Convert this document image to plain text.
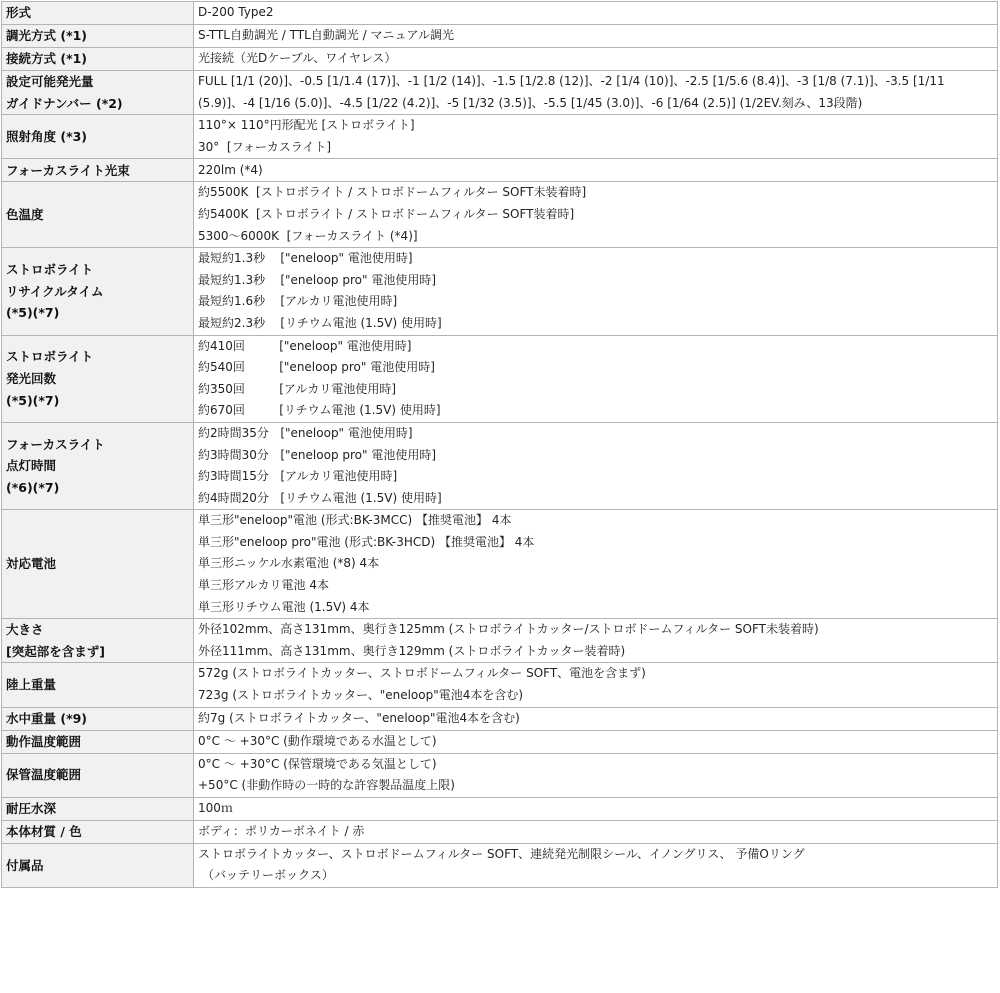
形式	D-200 Type2

調光方式 (*1)	S-TTL自動調光 / TTL自動調光 / マニュアル調光

接続方式 (*1)	光接続（光Dケーブル、ワイヤレス）

設定可能発光量
ガイドナンバー (*2)	FULL [1/1 (20)]、-0.5 [1/1.4 (17)]、-1 [1/2 (14)]、-1.5 [1/2.8 (12)]、-2 [1/4 (10)]、-2.5 [1/5.6 (8.4)]、-3 [1/8 (7.1)]、-3.5 [1/11 (5.9)]、-4 [1/16 (5.0)]、-4.5 [1/22 (4.2)]、-5 [1/32 (3.5)]、-5.5 [1/45 (3.0)]、-6 [1/64 (2.5)] (1/2EV.刻み、13段階)

照射角度 (*3)	110°× 110°円形配光 [ストロボライト]
30°  [フォーカスライト]

フォーカスライト光束	220lm (*4)

色温度	約5500K  [ストロボライト / ストロボドームフィルター SOFT未装着時]
約5400K  [ストロボライト / ストロボドームフィルター SOFT装着時]
5300～6000K  [フォーカスライト (*4)]

ストロボライト
リサイクルタイム
(*5)(*7)	最短約1.3秒    ["eneloop" 電池使用時]
最短約1.3秒    ["eneloop pro" 電池使用時]
最短約1.6秒    [アルカリ電池使用時]
最短約2.3秒    [リチウム電池 (1.5V) 使用時]

ストロボライト
発光回数
(*5)(*7)	約410回         ["eneloop" 電池使用時]
約540回         ["eneloop pro" 電池使用時]
約350回         [アルカリ電池使用時]
約670回         [リチウム電池 (1.5V) 使用時]

フォーカスライト
点灯時間
(*6)(*7)	約2時間35分   ["eneloop" 電池使用時]
約3時間30分   ["eneloop pro" 電池使用時]
約3時間15分   [アルカリ電池使用時]
約4時間20分   [リチウム電池 (1.5V) 使用時]

対応電池	単三形"eneloop"電池 (形式:BK-3MCC) 【推奨電池】 4本
単三形"eneloop pro"電池 (形式:BK-3HCD) 【推奨電池】 4本
単三形ニッケル水素電池 (*8) 4本
単三形アルカリ電池 4本
単三形リチウム電池 (1.5V) 4本

大きさ
[突起部を含まず]	外径102mm、高さ131mm、奥行き125mm (ストロボライトカッター/ストロボドームフィルター SOFT未装着時)
外径111mm、高さ131mm、奥行き129mm (ストロボライトカッター装着時)

陸上重量	572g (ストロボライトカッター、ストロボドームフィルター SOFT、電池を含まず)
723g (ストロボライトカッター、"eneloop"電池4本を含む)

水中重量 (*9)	約7g (ストロボライトカッター、"eneloop"電池4本を含む)

動作温度範囲	0°C ～ +30°C (動作環境である水温として)

保管温度範囲	0°C ～ +30°C (保管環境である気温として)
+50°C (非動作時の一時的な許容製品温度上限)

耐圧水深	100ｍ

本体材質 / 色	ボディ：ポリカーボネイト / 赤

付属品	ストロボライトカッター、ストロボドームフィルター SOFT、連続発光制限シール、イノングリス、 予備Oリング
（バッテリーボックス）
